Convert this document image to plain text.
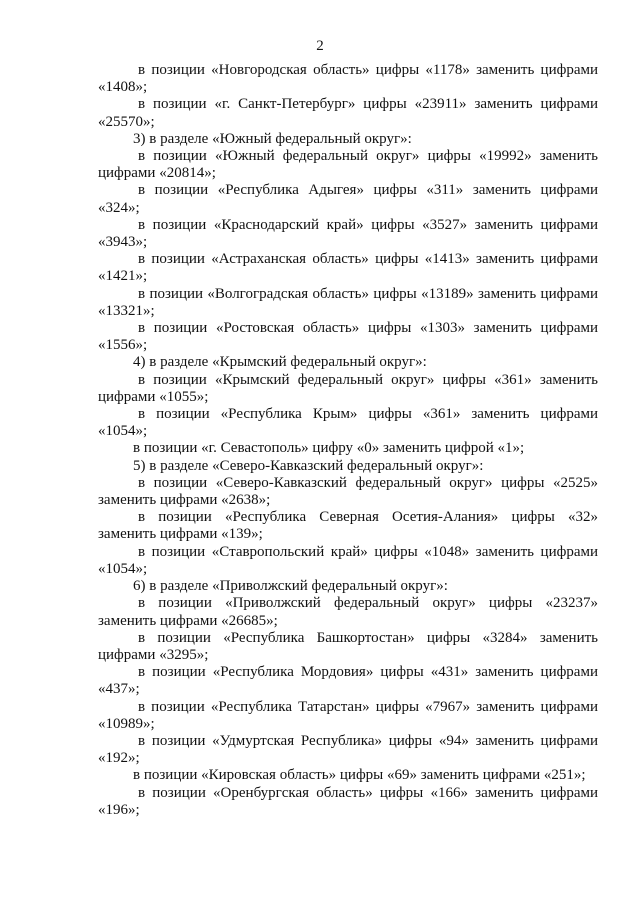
2

в позиции «Новгородская область» цифры «1178» заменить цифрами «1408»;

в позиции «г. Санкт-Петербург» цифры «23911» заменить цифрами «25570»;

3) в разделе «Южный федеральный округ»:

в позиции «Южный федеральный округ» цифры «19992» заменить цифрами «20814»;

в позиции «Республика Адыгея» цифры «311» заменить цифрами «324»;

в позиции «Краснодарский край» цифры «3527» заменить цифрами «3943»;

в позиции «Астраханская область» цифры «1413» заменить цифрами «1421»;

в позиции «Волгоградская область» цифры «13189» заменить цифрами «13321»;

в позиции «Ростовская область» цифры «1303» заменить цифрами «1556»;

4) в разделе «Крымский федеральный округ»:

в позиции «Крымский федеральный округ» цифры «361» заменить цифрами «1055»;

в позиции «Республика Крым» цифры «361» заменить цифрами «1054»;

в позиции «г. Севастополь» цифру «0» заменить цифрой «1»;

5) в разделе «Северо-Кавказский федеральный округ»:

в позиции «Северо-Кавказский федеральный округ» цифры «2525» заменить цифрами «2638»;

в позиции «Республика Северная Осетия-Алания» цифры «32» заменить цифрами «139»;

в позиции «Ставропольский край» цифры «1048» заменить цифрами «1054»;

6) в разделе «Приволжский федеральный округ»:

в позиции «Приволжский федеральный округ» цифры «23237» заменить цифрами «26685»;

в позиции «Республика Башкортостан» цифры «3284» заменить цифрами «3295»;

в позиции «Республика Мордовия» цифры «431» заменить цифрами «437»;

в позиции «Республика Татарстан» цифры «7967» заменить цифрами «10989»;

в позиции «Удмуртская Республика» цифры «94» заменить цифрами «192»;

в позиции «Кировская область» цифры «69» заменить цифрами «251»;

в позиции «Оренбургская область» цифры «166» заменить цифрами «196»;
